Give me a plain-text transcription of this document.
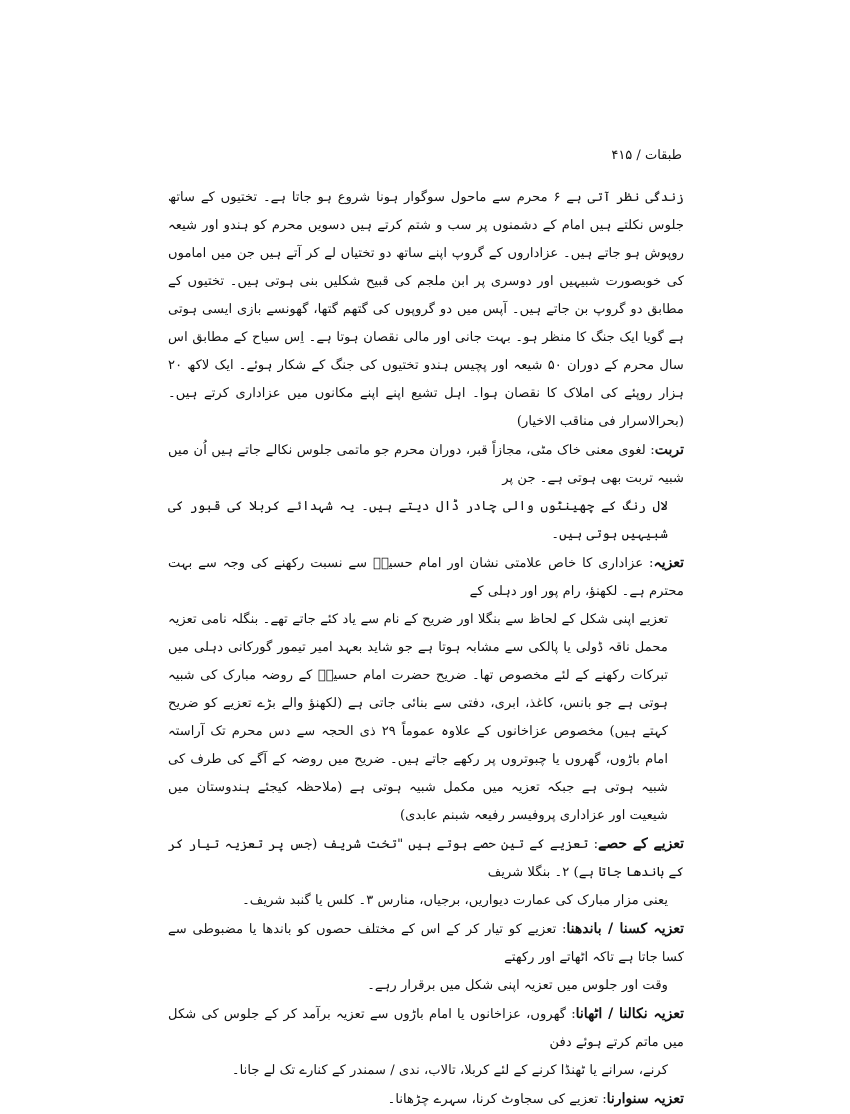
طبقات / ۴۱۵

زندگی نظر آتی ہے ۶ محرم سے ماحول سوگوار ہونا شروع ہو جاتا ہے۔ تختیوں کے ساتھ جلوس نکلتے ہیں امام کے دشمنوں پر سب و شتم کرتے ہیں دسویں محرم کو ہندو اور شیعہ روپوش ہو جاتے ہیں۔ عزاداروں کے گروپ اپنے ساتھ دو تختیاں لے کر آتے ہیں جن میں اماموں کی خوبصورت شبیہیں اور دوسری پر ابن ملجم کی قبیح شکلیں بنی ہوتی ہیں۔ تختیوں کے مطابق دو گروپ بن جاتے ہیں۔ آپس میں دو گروپوں کی گتھم گتھا، گھونسے بازی ایسی ہوتی ہے گویا ایک جنگ کا منظر ہو۔ بہت جانی اور مالی نقصان ہوتا ہے۔ اِس سیاح کے مطابق اس سال محرم کے دوران ۵۰ شیعہ اور پچیس ہندو تختیوں کی جنگ کے شکار ہوئے۔ ایک لاکھ ۲۰ ہزار روپئے کی املاک کا نقصان ہوا۔ اہل تشیع اپنے اپنے مکانوں میں عزاداری کرتے ہیں۔ (بحرالاسرار فی مناقب الاخیار)

تربت: لغوی معنی خاک مٹی، مجازاً قبر، دوران محرم جو ماتمی جلوس نکالے جاتے ہیں اُن میں شبیہ تربت بھی ہوتی ہے۔ جن پر
لال رنگ کے چھینٹوں والی چادر ڈال دیتے ہیں۔ یہ شہدائے کربلا کی قبور کی شبیہیں ہوتی ہیں۔

تعزیہ: عزاداری کا خاص علامتی نشان اور امام حسینؑ سے نسبت رکھنے کی وجہ سے بہت محترم ہے۔ لکھنؤ، رام پور اور دہلی کے
تعزیے اپنی شکل کے لحاظ سے بنگلا اور ضریح کے نام سے یاد کئے جاتے تھے۔ بنگلہ نامی تعزیہ محمل ناقہ ڈولی یا پالکی سے مشابہ ہوتا ہے جو شاید بعہد امیر تیمور گورکانی دہلی میں تبرکات رکھنے کے لئے مخصوص تھا۔ ضریح حضرت امام حسینؑ کے روضہ مبارک کی شبیہ ہوتی ہے جو بانس، کاغذ، ابری، دفتی سے بنائی جاتی ہے (لکھنؤ والے بڑے تعزیے کو ضریح کہتے ہیں) مخصوص عزاخانوں کے علاوہ عموماً ۲۹ ذی الحجہ سے دس محرم تک آراستہ امام باڑوں، گھروں یا چبوتروں پر رکھے جاتے ہیں۔ ضریح میں روضہ کے آگے کی طرف کی شبیہ ہوتی ہے جبکہ تعزیہ میں مکمل شبیہ ہوتی ہے (ملاحظہ کیجئے ہندوستان میں شیعیت اور عزاداری پروفیسر رفیعہ شبنم عابدی)

تعزیے کے حصے: تعزیے کے تین حصے ہوتے ہیں "تخت شریف (جس پر تعزیہ تیار کر کے باندھا جاتا ہے) ۲۔ بنگلا شریف
یعنی مزار مبارک کی عمارت دیواریں، برجیاں، منارس ۳۔ کلس یا گنبد شریف۔

تعزیہ کسنا / باندھنا: تعزیے کو تیار کر کے اس کے مختلف حصوں کو باندھا یا مضبوطی سے کسا جاتا ہے تاکہ اٹھاتے اور رکھتے
وقت اور جلوس میں تعزیہ اپنی شکل میں برقرار رہے۔

تعزیہ نکالنا / اٹھانا: گھروں، عزاخانوں یا امام باڑوں سے تعزیہ برآمد کر کے جلوس کی شکل میں ماتم کرتے ہوئے دفن
کرنے، سرانے یا ٹھنڈا کرنے کے لئے کربلا، تالاب، ندی / سمندر کے کنارے تک لے جانا۔

تعزیہ سنوارنا: تعزیے کی سجاوٹ کرنا، سہرے چڑھانا۔
